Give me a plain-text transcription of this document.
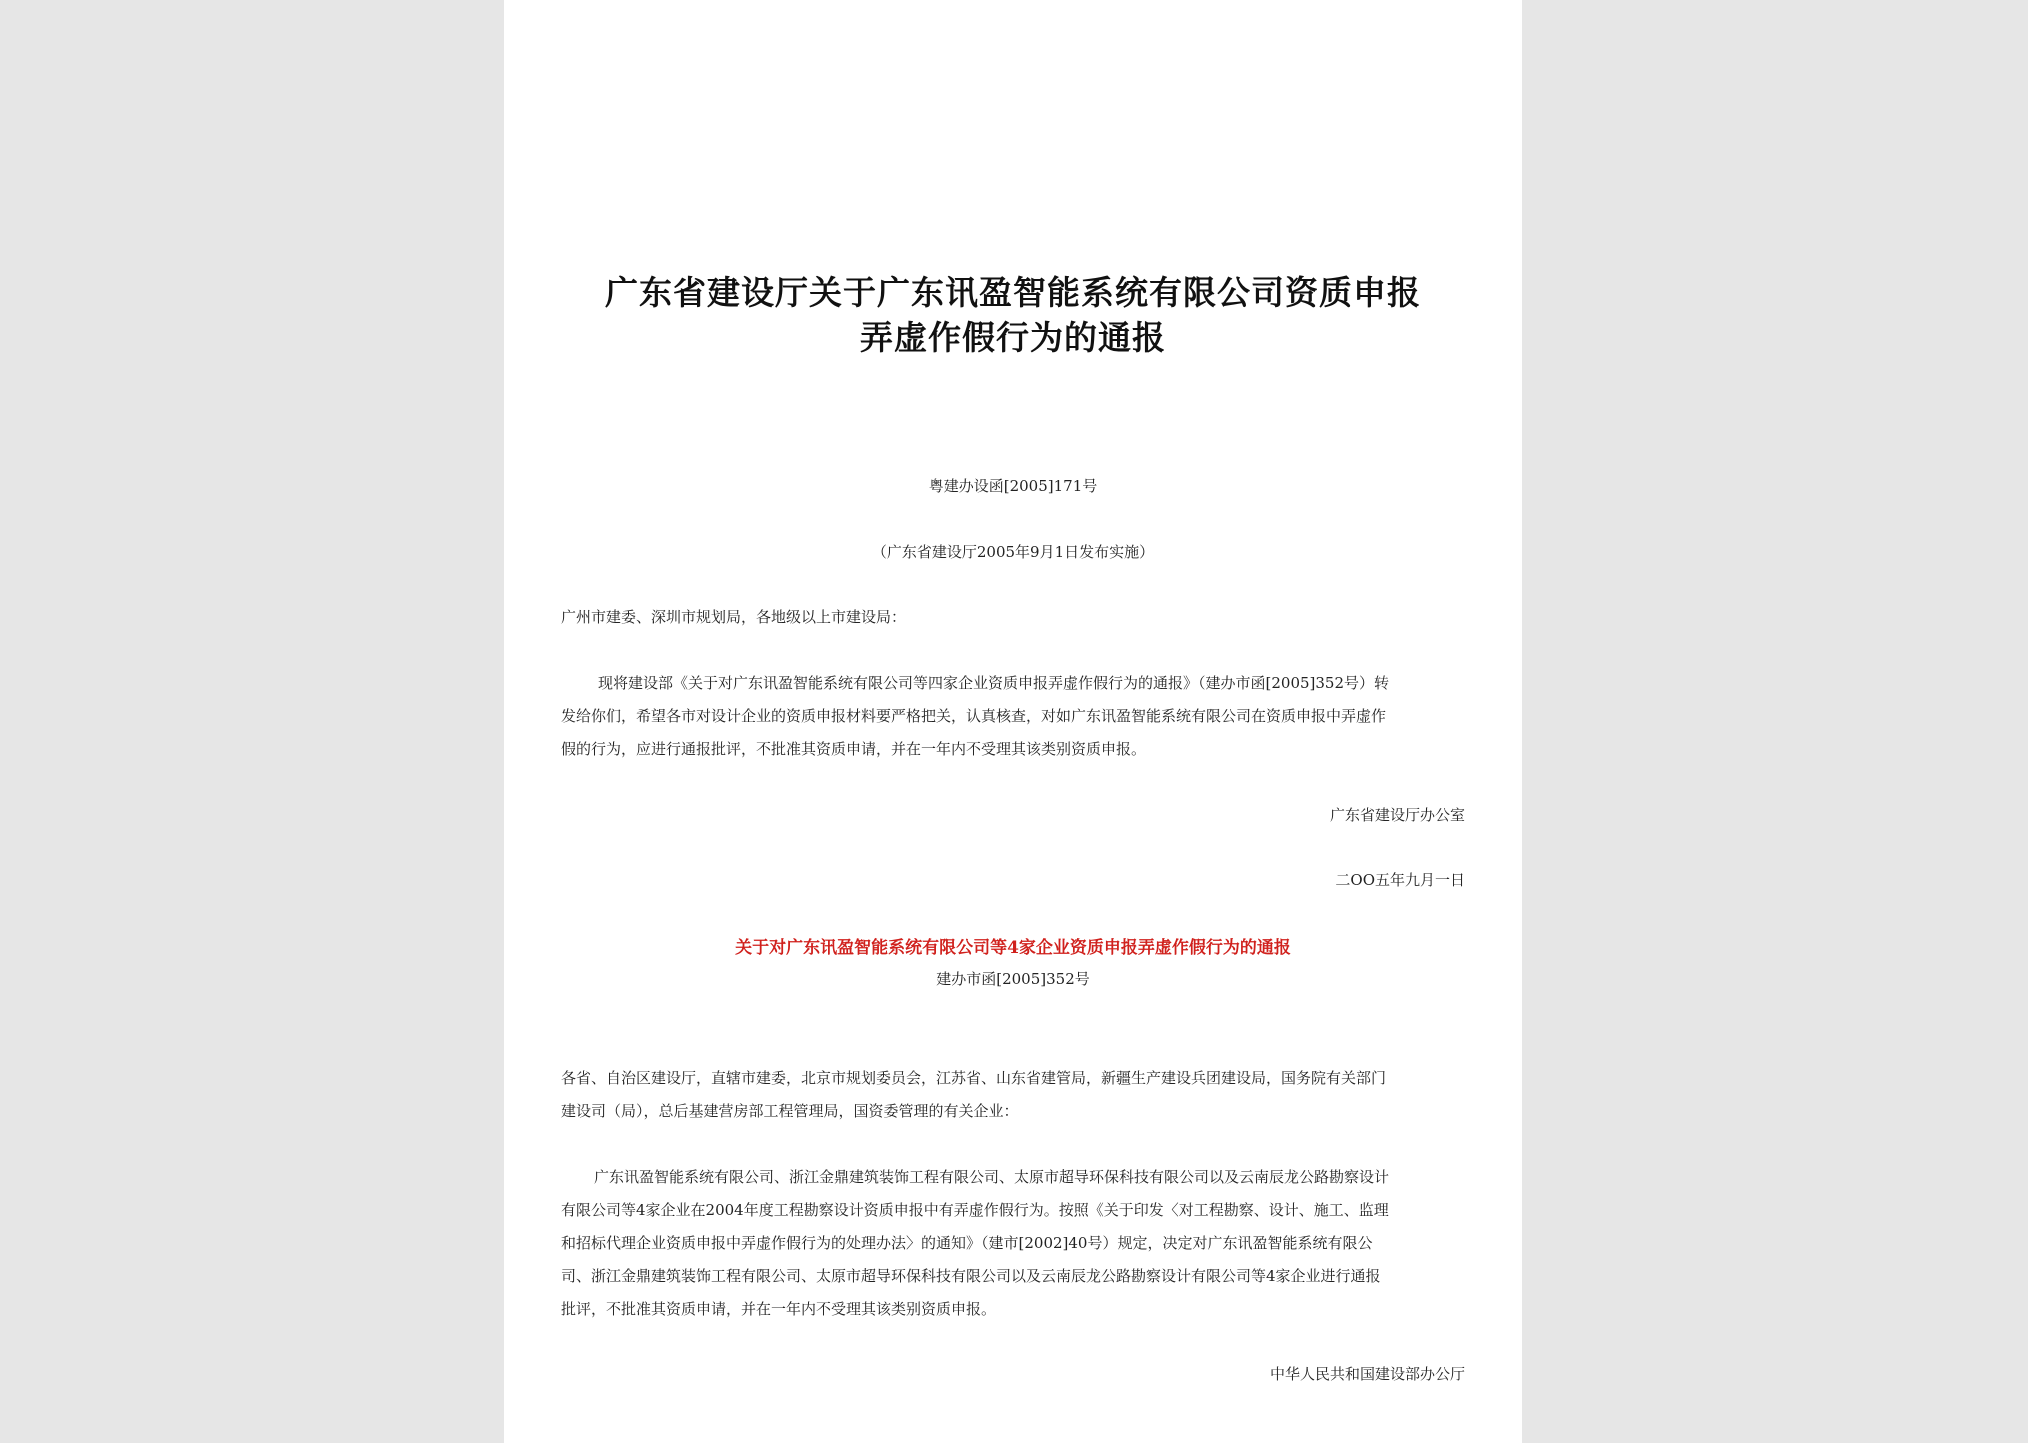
广东省建设厅关于广东讯盈智能系统有限公司资质申报
弄虚作假行为的通报
粤建办设函[2005]171号
（广东省建设厅2005年9月1日发布实施）
广州市建委、深圳市规划局，各地级以上市建设局：
现将建设部《关于对广东讯盈智能系统有限公司等四家企业资质申报弄虚作假行为的通报》（建办市函[2005]352号）转
发给你们，希望各市对设计企业的资质申报材料要严格把关，认真核查，对如广东讯盈智能系统有限公司在资质申报中弄虚作
假的行为，应进行通报批评，不批准其资质申请，并在一年内不受理其该类别资质申报。
广东省建设厅办公室
二OO五年九月一日
关于对广东讯盈智能系统有限公司等4家企业资质申报弄虚作假行为的通报
建办市函[2005]352号
各省、自治区建设厅，直辖市建委，北京市规划委员会，江苏省、山东省建管局，新疆生产建设兵团建设局，国务院有关部门
建设司（局），总后基建营房部工程管理局，国资委管理的有关企业：
广东讯盈智能系统有限公司、浙江金鼎建筑装饰工程有限公司、太原市超导环保科技有限公司以及云南辰龙公路勘察设计
有限公司等4家企业在2004年度工程勘察设计资质申报中有弄虚作假行为。按照《关于印发〈对工程勘察、设计、施工、监理
和招标代理企业资质申报中弄虚作假行为的处理办法〉的通知》（建市[2002]40号）规定，决定对广东讯盈智能系统有限公
司、浙江金鼎建筑装饰工程有限公司、太原市超导环保科技有限公司以及云南辰龙公路勘察设计有限公司等4家企业进行通报
批评，不批准其资质申请，并在一年内不受理其该类别资质申报。
中华人民共和国建设部办公厅
